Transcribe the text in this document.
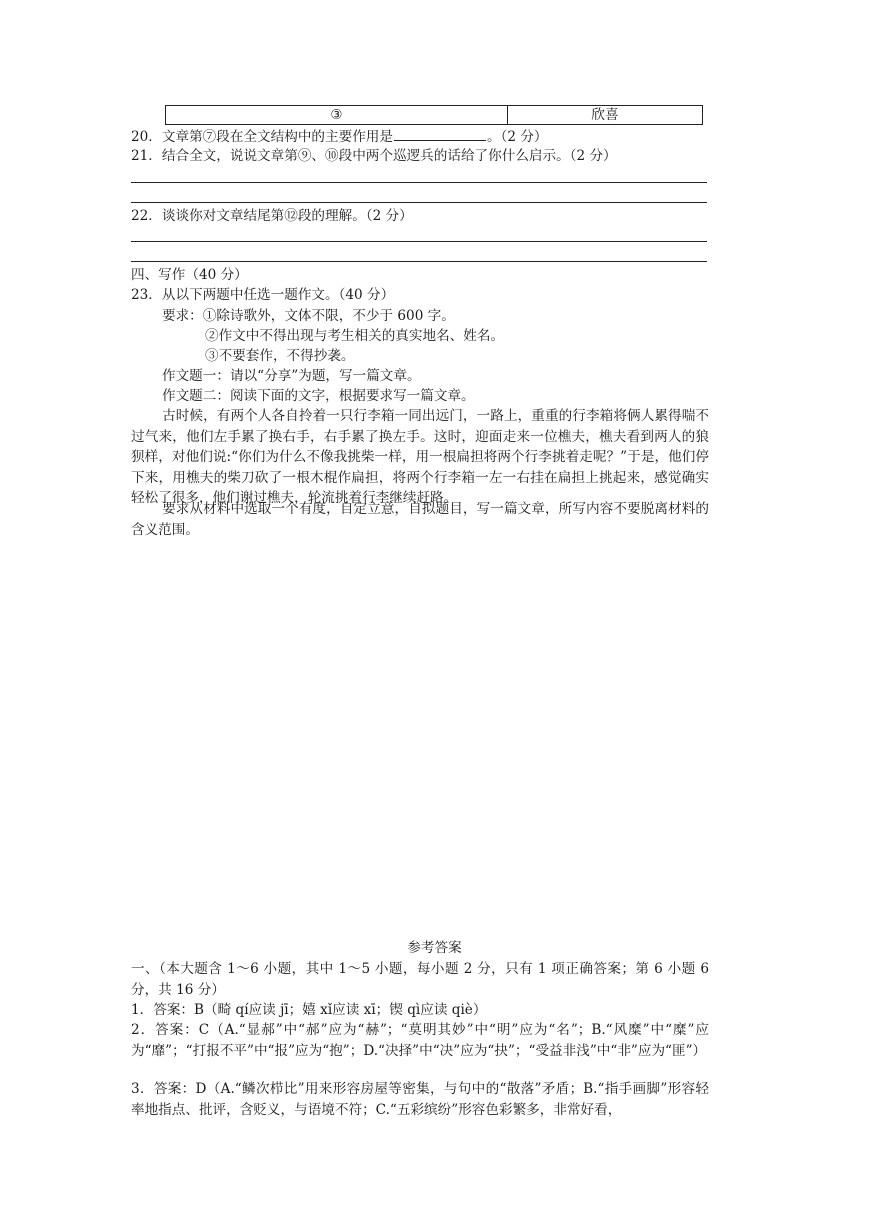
③	欣喜
20．文章第⑦段在全文结构中的主要作用是	。（2 分）
21．结合全文，说说文章第⑨、⑩段中两个巡逻兵的话给了你什么启示。（2 分）
22．谈谈你对文章结尾第⑫段的理解。（2 分）
四、写作（40 分）
23．从以下两题中任选一题作文。（40 分）
要求：①除诗歌外，文体不限，不少于 600 字。
②作文中不得出现与考生相关的真实地名、姓名。
③不要套作，不得抄袭。
作文题一：请以“分享”为题，写一篇文章。
作文题二：阅读下面的文字，根据要求写一篇文章。
古时候，有两个人各自拎着一只行李箱一同出远门，一路上，重重的行李箱将俩人累得喘不过气来，他们左手累了换右手，右手累了换左手。这时，迎面走来一位樵夫，樵夫看到两人的狼狈样，对他们说:“你们为什么不像我挑柴一样，用一根扁担将两个行李挑着走呢？”于是，他们停下来，用樵夫的柴刀砍了一根木棍作扁担，将两个行李箱一左一右挂在扁担上挑起来，感觉确实轻松了很多，他们谢过樵夫，轮流挑着行李继续赶路。
要求从材料中选取一个有度，自定立意，自拟题目，写一篇文章，所写内容不要脱离材料的含义范围。
参考答案
一、（本大题含 1～6 小题，其中 1～5 小题，每小题 2 分，只有 1 项正确答案；第 6 小题 6 分，共 16 分）
1．答案：B（畸 qí应读 jī；嬉 xǐ应读 xī；锲 qì应读 qiè）
2．答案：C（A.“显郝”中“郝”应为“赫”；“莫明其妙”中“明”应为“名”；B.“风糜”中“糜”应为“靡”；“打报不平”中“报”应为“抱”；D.“决择”中“决”应为“抉”；“受益非浅”中“非”应为“匪”）
3．答案：D（A.“鳞次栉比”用来形容房屋等密集，与句中的“散落”矛盾；B.“指手画脚”形容轻率地指点、批评，含贬义，与语境不符；C.“五彩缤纷”形容色彩繁多，非常好看，
